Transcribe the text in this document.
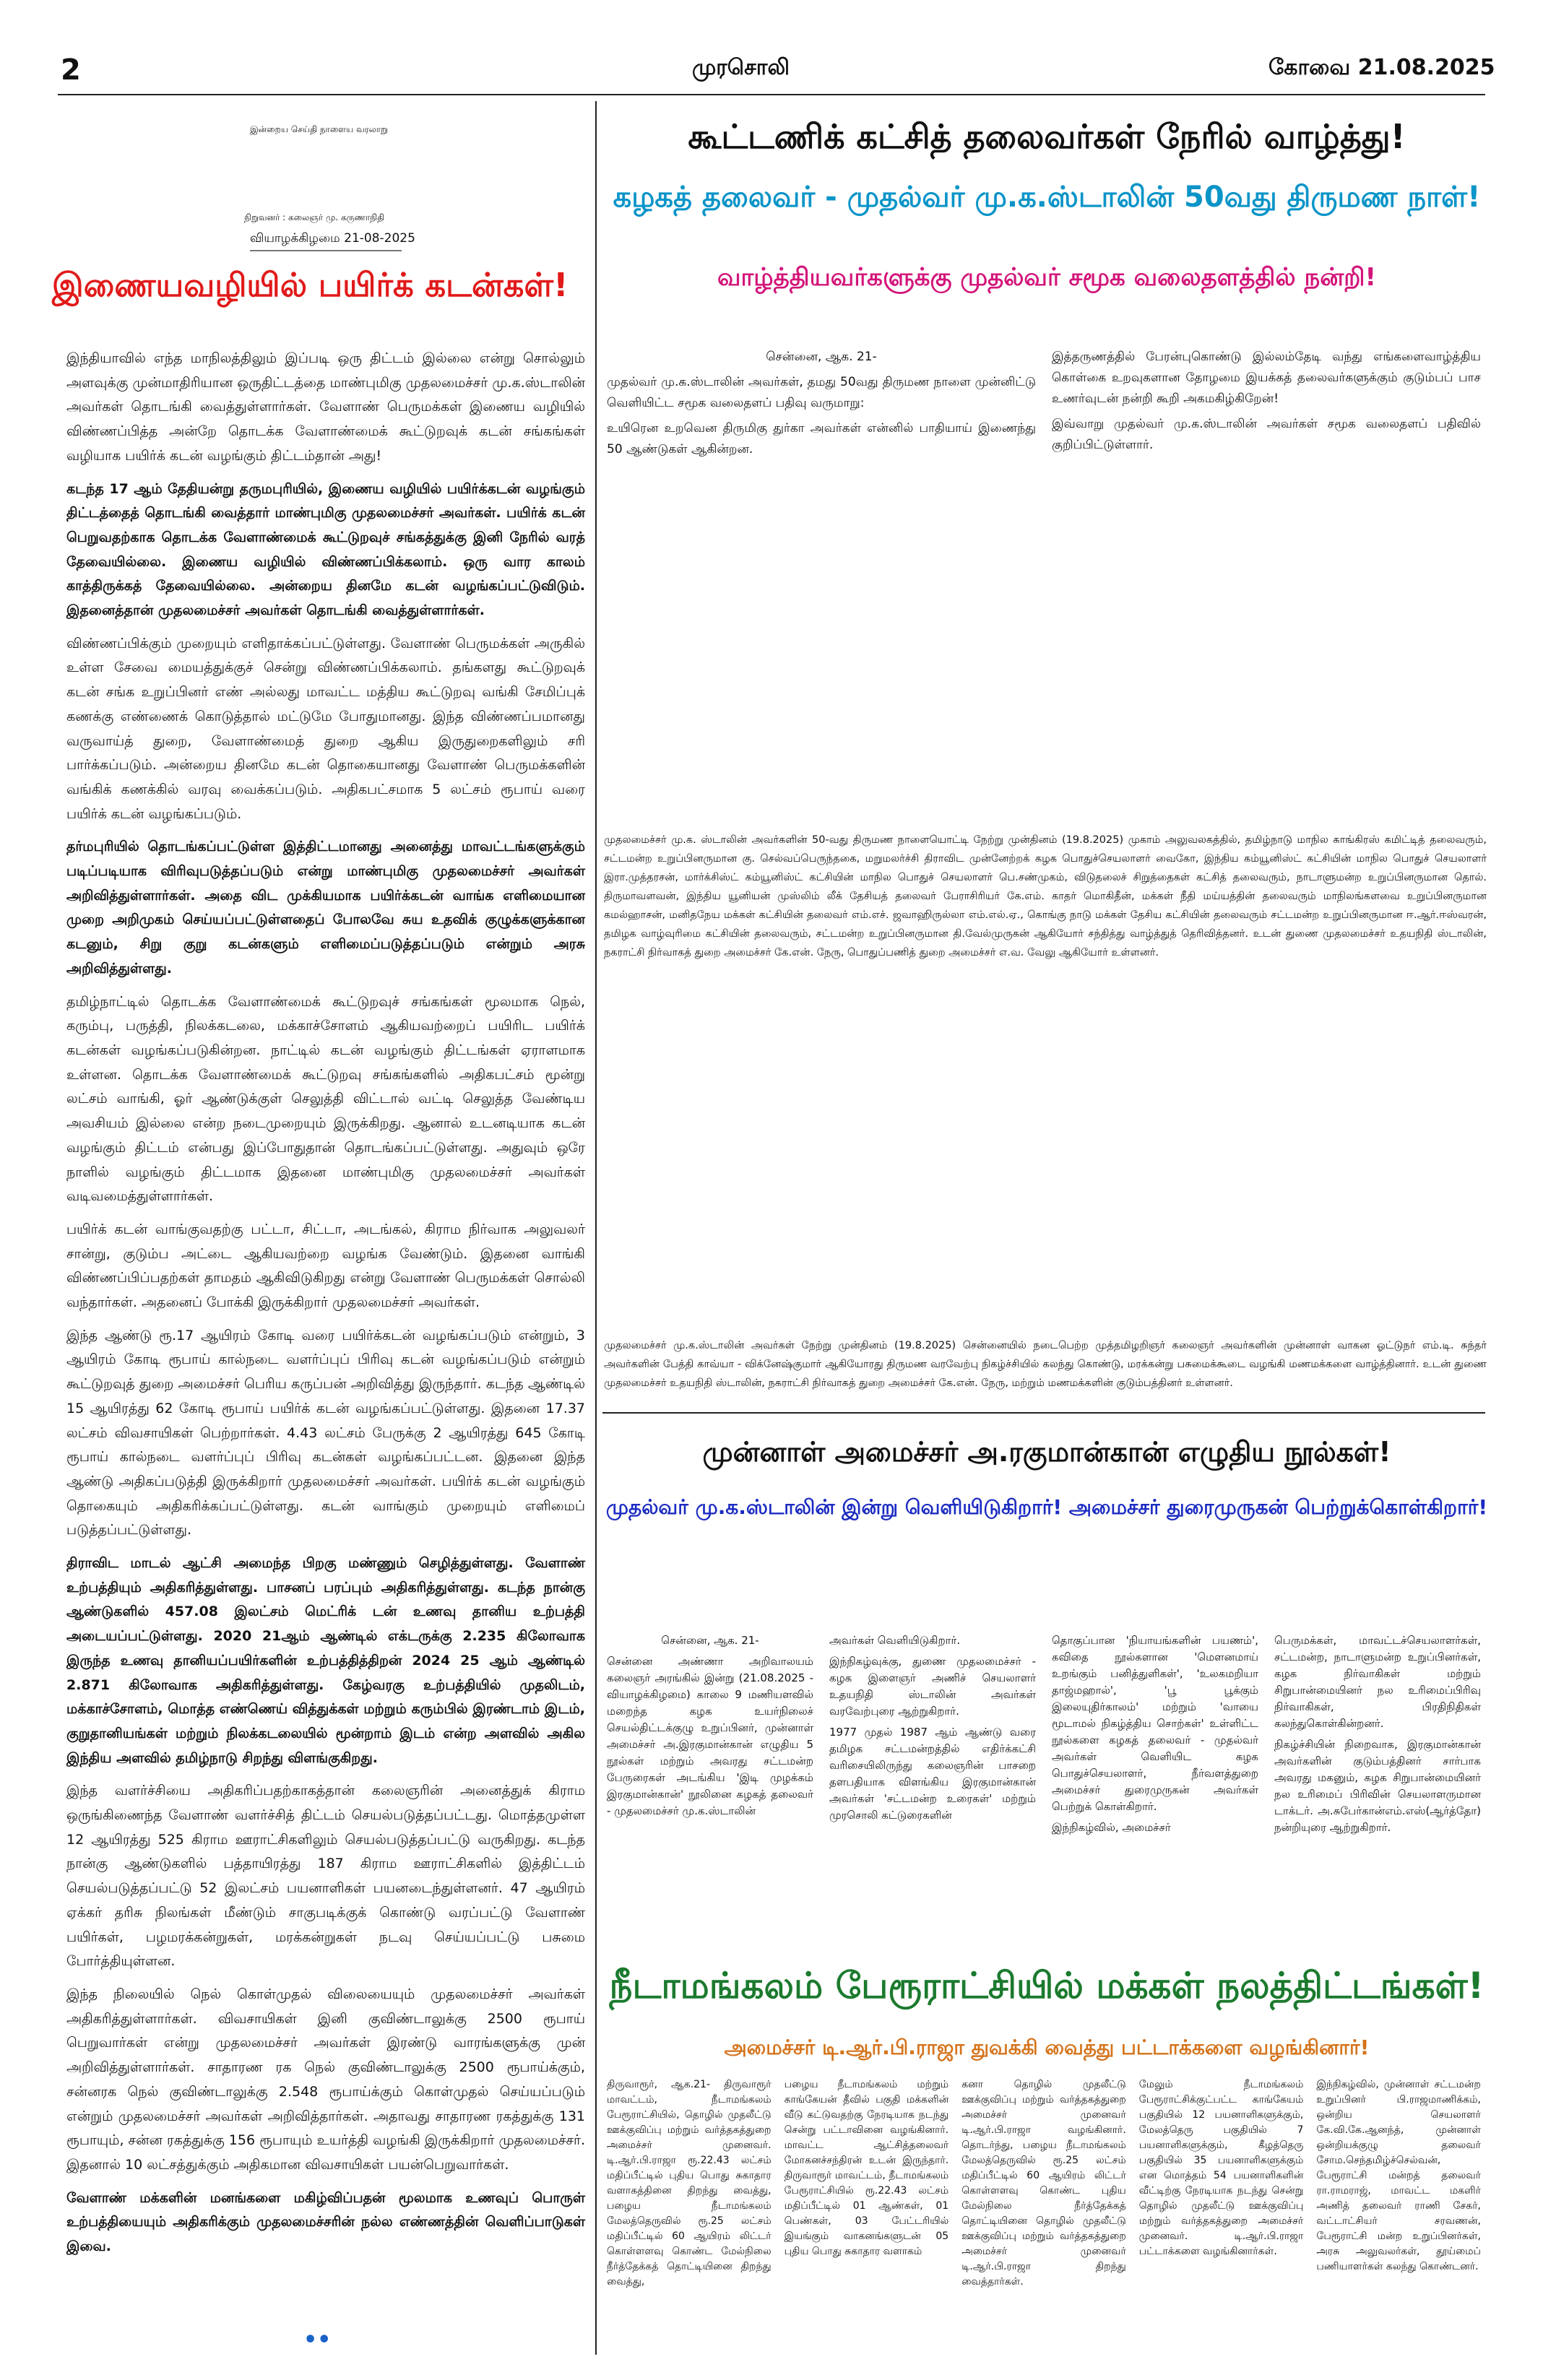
2	முரசொலி	கோவை 21.08.2025
இன்றைய செய்தி நாளைய வரலாறு
நிறுவனர் : கலைஞர் மு. கருணாநிதி
வியாழக்கிழமை 21-08-2025
இணையவழியில் பயிர்க் கடன்கள்!

இந்தியாவில் எந்த மாநிலத்திலும் இப்படி ஒரு திட்டம் இல்லை என்று சொல்லும் அளவுக்கு முன்மாதிரியான ஒருதிட்டத்தை மாண்புமிகு முதலமைச்சர் மு.க.ஸ்டாலின் அவர்கள் தொடங்கி வைத்துள்ளார்கள். வேளாண் பெருமக்கள் இணைய வழியில் விண்ணப்பித்த அன்றே தொடக்க வேளாண்மைக் கூட்டுறவுக் கடன் சங்கங்கள் வழியாக பயிர்க் கடன் வழங்கும் திட்டம்தான் அது!

கடந்த 17 ஆம் தேதியன்று தருமபுரியில், இணைய வழியில் பயிர்க்கடன் வழங்கும் திட்டத்தைத் தொடங்கி வைத்தார் மாண்புமிகு முதலமைச்சர் அவர்கள். பயிர்க் கடன் பெறுவதற்காக தொடக்க வேளாண்மைக் கூட்டுறவுச் சங்கத்துக்கு இனி நேரில் வரத் தேவையில்லை. இணைய வழியில் விண்ணப்பிக்கலாம். ஒரு வார காலம் காத்திருக்கத் தேவையில்லை. அன்றைய தினமே கடன் வழங்கப்பட்டுவிடும். இதனைத்தான் முதலமைச்சர் அவர்கள் தொடங்கி வைத்துள்ளார்கள்.

விண்ணப்பிக்கும் முறையும் எளிதாக்கப்பட்டுள்ளது. வேளாண் பெருமக்கள் அருகில் உள்ள சேவை மையத்துக்குச் சென்று விண்ணப்பிக்கலாம். தங்களது கூட்டுறவுக் கடன் சங்க உறுப்பினர் எண் அல்லது மாவட்ட மத்திய கூட்டுறவு வங்கி சேமிப்புக் கணக்கு எண்ணைக் கொடுத்தால் மட்டுமே போதுமானது. இந்த விண்ணப்பமானது வருவாய்த் துறை, வேளாண்மைத் துறை ஆகிய இருதுறைகளிலும் சரி பார்க்கப்படும். அன்றைய தினமே கடன் தொகையானது வேளாண் பெருமக்களின் வங்கிக் கணக்கில் வரவு வைக்கப்படும். அதிகபட்சமாக 5 லட்சம் ரூபாய் வரை பயிர்க் கடன் வழங்கப்படும்.

தர்மபுரியில் தொடங்கப்பட்டுள்ள இத்திட்டமானது அனைத்து மாவட்டங்களுக்கும் படிப்படியாக விரிவுபடுத்தப்படும் என்று மாண்புமிகு முதலமைச்சர் அவர்கள் அறிவித்துள்ளார்கள். அதை விட முக்கியமாக பயிர்க்கடன் வாங்க எளிமையான முறை அறிமுகம் செய்யப்பட்டுள்ளதைப் போலவே சுய உதவிக் குழுக்களுக்கான கடனும், சிறு குறு கடன்களும் எளிமைப்படுத்தப்படும் என்றும் அரசு அறிவித்துள்ளது.

தமிழ்நாட்டில் தொடக்க வேளாண்மைக் கூட்டுறவுச் சங்கங்கள் மூலமாக நெல், கரும்பு, பருத்தி, நிலக்கடலை, மக்காச்சோளம் ஆகியவற்றைப் பயிரிட பயிர்க் கடன்கள் வழங்கப்படுகின்றன. நாட்டில் கடன் வழங்கும் திட்டங்கள் ஏராளமாக உள்ளன. தொடக்க வேளாண்மைக் கூட்டுறவு சங்கங்களில் அதிகபட்சம் மூன்று லட்சம் வாங்கி, ஓர் ஆண்டுக்குள் செலுத்தி விட்டால் வட்டி செலுத்த வேண்டிய அவசியம் இல்லை என்ற நடைமுறையும் இருக்கிறது. ஆனால் உடனடியாக கடன் வழங்கும் திட்டம் என்பது இப்போதுதான் தொடங்கப்பட்டுள்ளது. அதுவும் ஒரே நாளில் வழங்கும் திட்டமாக இதனை மாண்புமிகு முதலமைச்சர் அவர்கள் வடிவமைத்துள்ளார்கள்.

பயிர்க் கடன் வாங்குவதற்கு பட்டா, சிட்டா, அடங்கல், கிராம நிர்வாக அலுவலர் சான்று, குடும்ப அட்டை ஆகியவற்றை வழங்க வேண்டும். இதனை வாங்கி விண்ணப்பிப்பதற்கள் தாமதம் ஆகிவிடுகிறது என்று வேளாண் பெருமக்கள் சொல்லி வந்தார்கள். அதனைப் போக்கி இருக்கிறார் முதலமைச்சர் அவர்கள்.

இந்த ஆண்டு ரூ.17 ஆயிரம் கோடி வரை பயிர்க்கடன் வழங்கப்படும் என்றும், 3 ஆயிரம் கோடி ரூபாய் கால்நடை வளர்ப்புப் பிரிவு கடன் வழங்கப்படும் என்றும் கூட்டுறவுத் துறை அமைச்சர் பெரிய கருப்பன் அறிவித்து இருந்தார். கடந்த ஆண்டில் 15 ஆயிரத்து 62 கோடி ரூபாய் பயிர்க் கடன் வழங்கப்பட்டுள்ளது. இதனை 17.37 லட்சம் விவசாயிகள் பெற்றார்கள். 4.43 லட்சம் பேருக்கு 2 ஆயிரத்து 645 கோடி ரூபாய் கால்நடை வளர்ப்புப் பிரிவு கடன்கள் வழங்கப்பட்டன. இதனை இந்த ஆண்டு அதிகப்படுத்தி இருக்கிறார் முதலமைச்சர் அவர்கள். பயிர்க் கடன் வழங்கும் தொகையும் அதிகரிக்கப்பட்டுள்ளது. கடன் வாங்கும் முறையும் எளிமைப் படுத்தப்பட்டுள்ளது.

திராவிட மாடல் ஆட்சி அமைந்த பிறகு மண்ணும் செழித்துள்ளது. வேளாண் உற்பத்தியும் அதிகரித்துள்ளது. பாசனப் பரப்பும் அதிகரித்துள்ளது. கடந்த நான்கு ஆண்டுகளில் 457.08 இலட்சம் மெட்ரிக் டன் உணவு தானிய உற்பத்தி அடையப்பட்டுள்ளது. 2020 21ஆம் ஆண்டில் எக்டருக்கு 2.235 கிலோவாக இருந்த உணவு தானியப்பயிர்களின் உற்பத்தித்திறன் 2024 25 ஆம் ஆண்டில் 2.871 கிலோவாக அதிகரித்துள்ளது. கேழ்வரகு உற்பத்தியில் முதலிடம், மக்காச்சோளம், மொத்த எண்ணெய் வித்துக்கள் மற்றும் கரும்பில் இரண்டாம் இடம், குறுதானியங்கள் மற்றும் நிலக்கடலையில் மூன்றாம் இடம் என்ற அளவில் அகில இந்திய அளவில் தமிழ்நாடு சிறந்து விளங்குகிறது.

இந்த வளர்ச்சியை அதிகரிப்பதற்காகத்தான் கலைஞரின் அனைத்துக் கிராம ஒருங்கிணைந்த வேளாண் வளர்ச்சித் திட்டம் செயல்படுத்தப்பட்டது. மொத்தமுள்ள 12 ஆயிரத்து 525 கிராம ஊராட்சிகளிலும் செயல்படுத்தப்பட்டு வருகிறது. கடந்த நான்கு ஆண்டுகளில் பத்தாயிரத்து 187 கிராம ஊராட்சிகளில் இத்திட்டம் செயல்படுத்தப்பட்டு 52 இலட்சம் பயனாளிகள் பயனடைந்துள்ளனர். 47 ஆயிரம் ஏக்கர் தரிசு நிலங்கள் மீண்டும் சாகுபடிக்குக் கொண்டு வரப்பட்டு வேளாண் பயிர்கள், பழமரக்கன்றுகள், மரக்கன்றுகள் நடவு செய்யப்பட்டு பசுமை போர்த்தியுள்ளன.

இந்த நிலையில் நெல் கொள்முதல் விலையையும் முதலமைச்சர் அவர்கள் அதிகரித்துள்ளார்கள். விவசாயிகள் இனி குவிண்டாலுக்கு 2500 ரூபாய் பெறுவார்கள் என்று முதலமைச்சர் அவர்கள் இரண்டு வாரங்களுக்கு முன் அறிவித்துள்ளார்கள். சாதாரண ரக நெல் குவிண்டாலுக்கு 2500 ரூபாய்க்கும், சன்னரக நெல் குவிண்டாலுக்கு 2.548 ரூபாய்க்கும் கொள்முதல் செய்யப்படும் என்றும் முதலமைச்சர் அவர்கள் அறிவித்தார்கள். அதாவது சாதாரண ரகத்துக்கு 131 ரூபாயும், சன்ன ரகத்துக்கு 156 ரூபாயும் உயர்த்தி வழங்கி இருக்கிறார் முதலமைச்சர். இதனால் 10 லட்சத்துக்கும் அதிகமான விவசாயிகள் பயன்பெறுவார்கள்.

வேளாண் மக்களின் மனங்களை மகிழ்விப்பதன் மூலமாக உணவுப் பொருள் உற்பத்தியையும் அதிகரிக்கும் முதலமைச்சரின் நல்ல எண்ணத்தின் வெளிப்பாடுகள் இவை.

••
கூட்டணிக் கட்சித் தலைவர்கள் நேரில் வாழ்த்து!
கழகத் தலைவர் - முதல்வர் மு.க.ஸ்டாலின் 50வது திருமண நாள்!
வாழ்த்தியவர்களுக்கு முதல்வர் சமூக வலைதளத்தில் நன்றி!

சென்னை, ஆக. 21-

முதல்வர் மு.க.ஸ்டாலின் அவர்கள், தமது 50வது திருமண நாளை முன்னிட்டு வெளியிட்ட சமூக வலைதளப் பதிவு வருமாறு:

உயிரென உறவென திருமிகு துர்கா அவர்கள் என்னில் பாதியாய் இணைந்து 50 ஆண்டுகள் ஆகின்றன.

இத்தருணத்தில் பேரன்புகொண்டு இல்லம்தேடி வந்து எங்களைவாழ்த்திய கொள்கை உறவுகளான தோழமை இயக்கத் தலைவர்களுக்கும் குடும்பப் பாச உணர்வுடன் நன்றி கூறி அகமகிழ்கிறேன்!

இவ்வாறு முதல்வர் மு.க.ஸ்டாலின் அவர்கள் சமூக வலைதளப் பதிவில் குறிப்பிட்டுள்ளார்.

முதலமைச்சர் மு.க. ஸ்டாலின் அவர்களின் 50-வது திருமண நாளையொட்டி நேற்று முன்தினம் (19.8.2025) முகாம் அலுவலகத்தில், தமிழ்நாடு மாநில காங்கிரஸ் கமிட்டித் தலைவரும், சட்டமன்ற உறுப்பினருமான கு. செல்வப்பெருந்தகை, மறுமலர்ச்சி திராவிட முன்னேற்றக் கழக பொதுச்செயலாளர் வைகோ, இந்திய கம்யூனிஸ்ட் கட்சியின் மாநில பொதுச் செயலாளர் இரா.முத்தரசன், மார்க்சிஸ்ட் கம்யூனிஸ்ட் கட்சியின் மாநில பொதுச் செயலாளர் பெ.சண்முகம், விடுதலைச் சிறுத்தைகள் கட்சித் தலைவரும், நாடாளுமன்ற உறுப்பினருமான தொல். திருமாவளவன், இந்திய யூனியன் முஸ்லிம் லீக் தேசியத் தலைவர் பேராசிரியர் கே.எம். காதர் மொகிதீன், மக்கள் நீதி மய்யத்தின் தலைவரும் மாநிலங்களவை உறுப்பினருமான கமல்ஹாசன், மனிதநேய மக்கள் கட்சியின் தலைவர் எம்.எச். ஜவாஹிருல்லா எம்.எல்.ஏ., கொங்கு நாடு மக்கள் தேசிய கட்சியின் தலைவரும் சட்டமன்ற உறுப்பினருமான ஈ.ஆர்.ஈஸ்வரன், தமிழக வாழ்வுரிமை கட்சியின் தலைவரும், சட்டமன்ற உறுப்பினருமான தி.வேல்முருகன் ஆகியோர் சந்தித்து வாழ்த்துத் தெரிவித்தனர். உடன் துணை முதலமைச்சர் உதயநிதி ஸ்டாலின், நகராட்சி நிர்வாகத் துறை அமைச்சர் கே.என். நேரு, பொதுப்பணித் துறை அமைச்சர் எ.வ. வேலு ஆகியோர் உள்ளனர்.
முதலமைச்சர் மு.க.ஸ்டாலின் அவர்கள் நேற்று முன்தினம் (19.8.2025) சென்னையில் நடைபெற்ற முத்தமிழறிஞர் கலைஞர் அவர்களின் முன்னாள் வாகன ஓட்டுநர் எம்.டி. சுந்தர் அவர்களின் பேத்தி காவ்யா - விக்னேஷ்குமார் ஆகியோரது திருமண வரவேற்பு நிகழ்ச்சியில் கலந்து கொண்டு, மரக்கன்று பசுமைக்கூடை வழங்கி மணமக்களை வாழ்த்தினார். உடன் துணை முதலமைச்சர் உதயநிதி ஸ்டாலின், நகராட்சி நிர்வாகத் துறை அமைச்சர் கே.என். நேரு, மற்றும் மணமக்களின் குடும்பத்தினர் உள்ளனர்.
முன்னாள் அமைச்சர் அ.ரகுமான்கான் எழுதிய நூல்கள்!
முதல்வர் மு.க.ஸ்டாலின் இன்று வெளியிடுகிறார்! அமைச்சர் துரைமுருகன் பெற்றுக்கொள்கிறார்!

சென்னை, ஆக. 21-

சென்னை அண்ணா அறிவாலயம் கலைஞர் அரங்கில் இன்று (21.08.2025 - வியாழக்கிழமை) காலை 9 மணியளவில் மறைந்த கழக உயர்நிலைச் செயல்திட்டக்குழு உறுப்பினர், முன்னாள் அமைச்சர் அ.இரகுமான்கான் எழுதிய 5 நூல்கள் மற்றும் அவரது சட்டமன்ற பேருரைகள் அடங்கிய 'இடி முழக்கம் இரகுமான்கான்' நூலினை கழகத் தலைவர் - முதலமைச்சர் மு.க.ஸ்டாலின்

அவர்கள் வெளியிடுகிறார்.

இந்நிகழ்வுக்கு, துணை முதலமைச்சர் - கழக இளைஞர் அணிச் செயலாளர் உதயநிதி ஸ்டாலின் அவர்கள் வரவேற்புரை ஆற்றுகிறார்.

1977 முதல் 1987 ஆம் ஆண்டு வரை தமிழக சட்டமன்றத்தில் எதிர்க்கட்சி வரிசையிலிருந்து கலைஞரின் பாசறை தளபதியாக விளங்கிய இரகுமான்கான் அவர்கள் 'சட்டமன்ற உரைகள்' மற்றும் முரசொலி கட்டுரைகளின்

தொகுப்பான 'நியாயங்களின் பயணம்', கவிதை நூல்களான 'மௌனமாய் உறங்கும் பனித்துளிகள்', 'உலகமறியா தாஜ்மஹால்', 'பூ பூக்கும் இலையுதிர்காலம்' மற்றும் 'வாயை மூடாமல் நிகழ்த்திய சொற்கள்' உள்ளிட்ட நூல்களை கழகத் தலைவர் - முதல்வர் அவர்கள் வெளியிட கழக பொதுச்செயலாளர், நீர்வளத்துறை அமைச்சர் துரைமுருகன் அவர்கள் பெற்றுக் கொள்கிறார்.

இந்நிகழ்வில், அமைச்சர்

பெருமக்கள், மாவட்டச்செயலாளர்கள், சட்டமன்ற, நாடாளுமன்ற உறுப்பினர்கள், கழக நிர்வாகிகள் மற்றும் சிறுபான்மையினர் நல உரிமைப்பிரிவு நிர்வாகிகள், பிரதிநிதிகள் கலந்துகொள்கின்றனர்.

நிகழ்ச்சியின் நிறைவாக, இரகுமான்கான் அவர்களின் குடும்பத்தினர் சார்பாக அவரது மகனும், கழக சிறுபான்மையினர் நல உரிமைப் பிரிவின் செயலாளருமான டாக்டர். அ.சுபேர்கான்எம்.எஸ்(ஆர்த்தோ) நன்றியுரை ஆற்றுகிறார்.

நீடாமங்கலம் பேரூராட்சியில் மக்கள் நலத்திட்டங்கள்!
அமைச்சர் டி.ஆர்.பி.ராஜா துவக்கி வைத்து பட்டாக்களை வழங்கினார்!
திருவாரூர், ஆக.21- திருவாரூர் மாவட்டம், நீடாமங்கலம் பேரூராட்சியில், தொழில் முதலீட்டு ஊக்குவிப்பு மற்றும் வர்த்தகத்துறை அமைச்சர் முனைவர். டி.ஆர்.பி.ராஜா ரூ.22.43 லட்சம் மதிப்பீட்டில் புதிய பொது சுகாதார வளாகத்தினை திறந்து வைத்து, பழைய நீடாமங்கலம் மேலத்தெருவில் ரூ.25 லட்சம் மதிப்பீட்டில் 60 ஆயிரம் லிட்டர் கொள்ளளவு கொண்ட மேல்நிலை நீர்த்தேக்கத் தொட்டியினை திறந்து வைத்து,
பழைய நீடாமங்கலம் மற்றும் காங்கேயன் தீவில் பகுதி மக்களின் வீடு கட்டுவதற்கு நேரடியாக நடந்து சென்று பட்டாவினை வழங்கினார். மாவட்ட ஆட்சித்தலைவர் மோகனச்சந்திரன் உடன் இருந்தார். திருவாரூர் மாவட்டம், நீடாமங்கலம் பேரூராட்சியில் ரூ.22.43 லட்சம் மதிப்பீட்டில் 01 ஆண்கள், 01 பெண்கள், 03 பேட்டரியில் இயங்கும் வாகனங்களுடன் 05 புதிய பொது சுகாதார வளாகம்
கனா தொழில் முதலீட்டு ஊக்குவிப்பு மற்றும் வர்த்தகத்துறை அமைச்சர் முனைவர் டி.ஆர்.பி.ராஜா வழங்கினார். தொடர்ந்து, பழைய நீடாமங்கலம் மேலத்தெருவில் ரூ.25 லட்சம் மதிப்பீட்டில் 60 ஆயிரம் லிட்டர் கொள்ளளவு கொண்ட புதிய மேல்நிலை நீர்த்தேக்கத் தொட்டியினை தொழில் முதலீட்டு ஊக்குவிப்பு மற்றும் வர்த்தகத்துறை அமைச்சர் முனைவர் டி.ஆர்.பி.ராஜா திறந்து வைத்தார்கள்.
மேலும் நீடாமங்கலம் பேரூராட்சிக்குட்பட்ட காங்கேயம் பகுதியில் 12 பயனாளிகளுக்கும், மேலத்தெரு பகுதியில் 7 பயனாளிகளுக்கும், கீழத்தெரு பகுதியில் 35 பயனாளிகளுக்கும் என மொத்தம் 54 பயனாளிகளின் வீட்டிற்கு நேரடியாக நடந்து சென்று தொழில் முதலீட்டு ஊக்குவிப்பு மற்றும் வர்த்தகத்துறை அமைச்சர் முனைவர். டி.ஆர்.பி.ராஜா பட்டாக்களை வழங்கினார்கள்.
இந்நிகழ்வில், முன்னாள் சட்டமன்ற உறுப்பினர் பி.ராஜமாணிக்கம், ஒன்றிய செயலாளர் கே.வி.கே.ஆனந்த், முன்னாள் ஒன்றியக்குழு தலைவர் சோம.செந்தமிழ்ச்செல்வன், பேரூராட்சி மன்றத் தலைவர் ரா.ராமராஜ், மாவட்ட மகளிர் அணித் தலைவர் ராணி சேகர், வட்டாட்சியர் சரவணன், பேரூராட்சி மன்ற உறுப்பினர்கள், அரசு அலுவலர்கள், தூய்மைப் பணியாளர்கள் கலந்து கொண்டனர்.
